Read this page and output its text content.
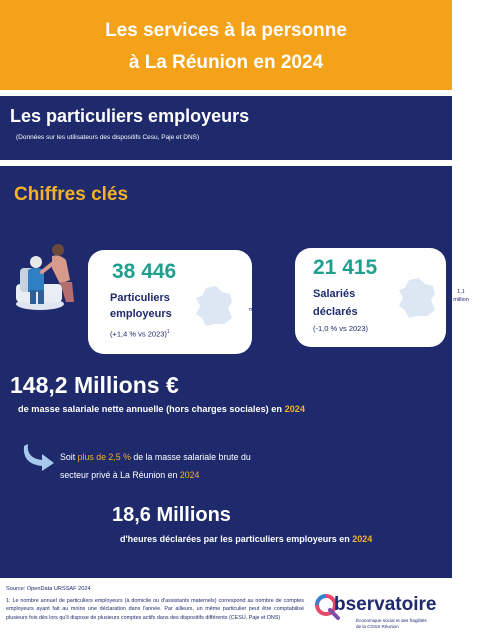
Les services à la personne
à La Réunion en 2024
Les particuliers employeurs
(Données sur les utilisateurs des dispositifs Cesu, Paje et DNS)
Chiffres clés
38 446
Particuliers
employeurs
(+1,4 % vs 2023)$^1$
3,3
millions
21 415
Salariés
déclarés
(-1,0 % vs 2023)
1,1
million
148,2 Millions €
de masse salariale nette annuelle (hors charges sociales) en 2024
Soit plus de 2,5 % de la masse salariale brute du
secteur privé à La Réunion en 2024
18,6 Millions
d'heures déclarées par les particuliers employeurs en 2024
Source: OpenData URSSAF 2024
1: Le nombre annuel de particuliers employeurs (à domicile ou d'assistants maternels) correspond au nombre de comptes employeurs ayant fait au moins une déclaration dans l'année. Par ailleurs, un même particulier peut être comptabilisé plusieurs fois dès lors qu'il dispose de plusieurs comptes actifs dans des dispositifs différents (CESU, Paje et DNS)
bservatoire
Économique social et des fragilités
de la CGSS Réunion
